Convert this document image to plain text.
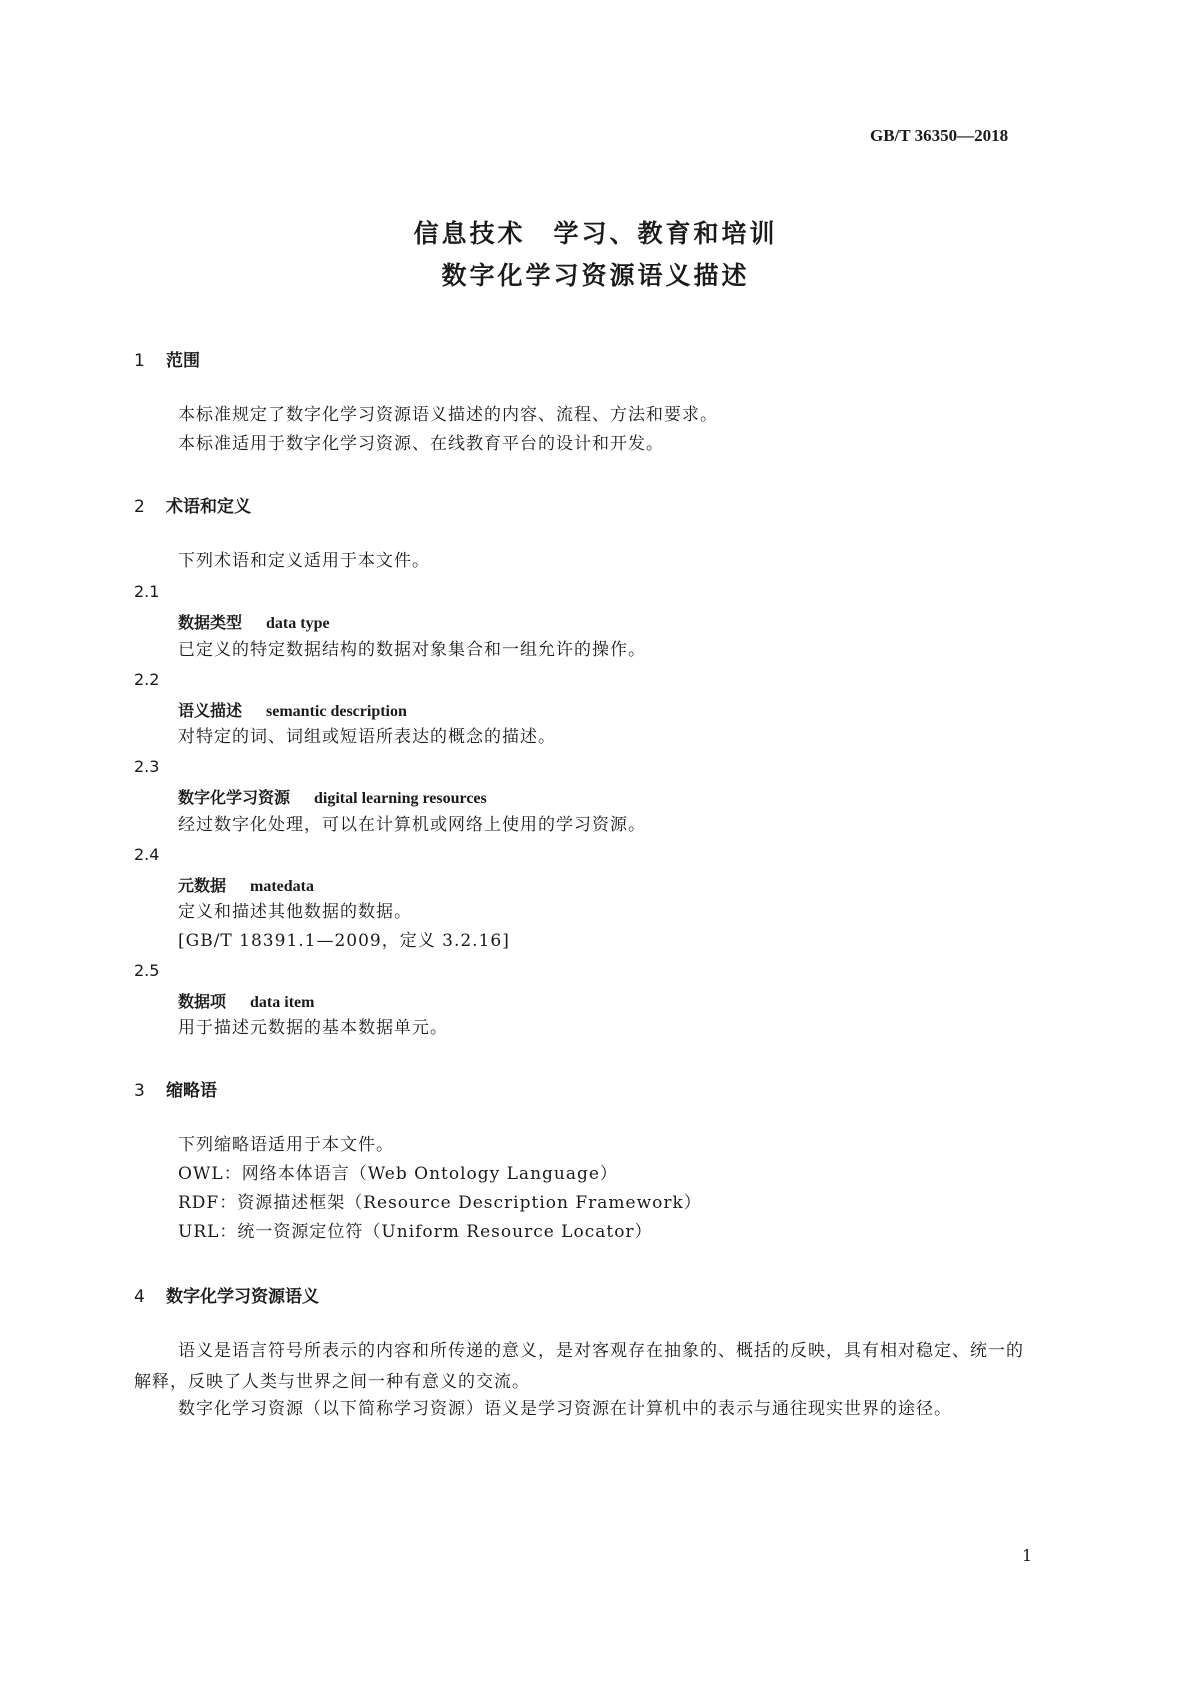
GB/T 36350—2018
信息技术　学习、教育和培训
数字化学习资源语义描述
1 范围
本标准规定了数字化学习资源语义描述的内容、流程、方法和要求。
本标准适用于数字化学习资源、在线教育平台的设计和开发。
2 术语和定义
下列术语和定义适用于本文件。
2.1
数据类型 data type
已定义的特定数据结构的数据对象集合和一组允许的操作。
2.2
语义描述 semantic description
对特定的词、词组或短语所表达的概念的描述。
2.3
数字化学习资源 digital learning resources
经过数字化处理，可以在计算机或网络上使用的学习资源。
2.4
元数据 matedata
定义和描述其他数据的数据。
[GB/T 18391.1—2009，定义 3.2.16]
2.5
数据项 data item
用于描述元数据的基本数据单元。
3 缩略语
下列缩略语适用于本文件。
OWL：网络本体语言（Web Ontology Language）
RDF：资源描述框架（Resource Description Framework）
URL：统一资源定位符（Uniform Resource Locator）
4 数字化学习资源语义
语义是语言符号所表示的内容和所传递的意义，是对客观存在抽象的、概括的反映，具有相对稳定、统一的解释，反映了人类与世界之间一种有意义的交流。
数字化学习资源（以下简称学习资源）语义是学习资源在计算机中的表示与通往现实世界的途径。
1
